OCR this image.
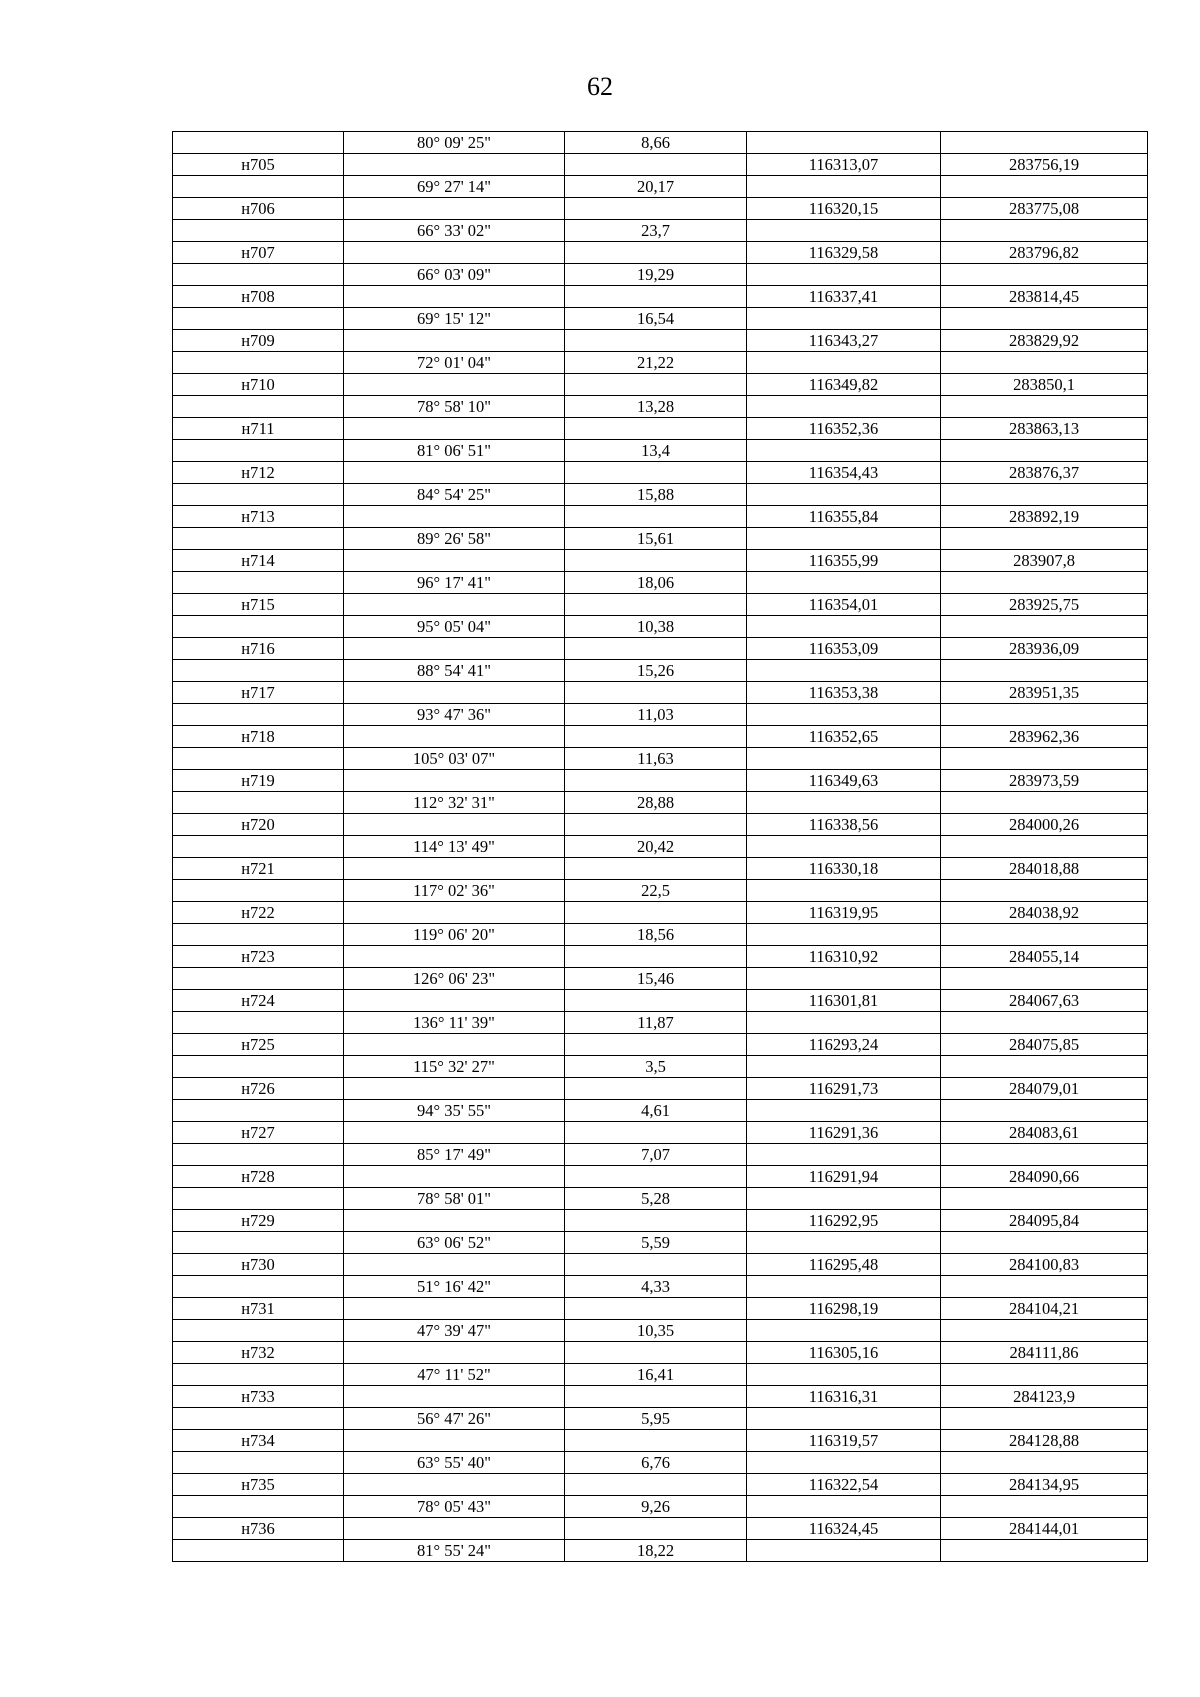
62
	80° 09' 25"	8,66		
н705			116313,07	283756,19
	69° 27' 14"	20,17		
н706			116320,15	283775,08
	66° 33' 02"	23,7		
н707			116329,58	283796,82
	66° 03' 09"	19,29		
н708			116337,41	283814,45
	69° 15' 12"	16,54		
н709			116343,27	283829,92
	72° 01' 04"	21,22		
н710			116349,82	283850,1
	78° 58' 10"	13,28		
н711			116352,36	283863,13
	81° 06' 51"	13,4		
н712			116354,43	283876,37
	84° 54' 25"	15,88		
н713			116355,84	283892,19
	89° 26' 58"	15,61		
н714			116355,99	283907,8
	96° 17' 41"	18,06		
н715			116354,01	283925,75
	95° 05' 04"	10,38		
н716			116353,09	283936,09
	88° 54' 41"	15,26		
н717			116353,38	283951,35
	93° 47' 36"	11,03		
н718			116352,65	283962,36
	105° 03' 07"	11,63		
н719			116349,63	283973,59
	112° 32' 31"	28,88		
н720			116338,56	284000,26
	114° 13' 49"	20,42		
н721			116330,18	284018,88
	117° 02' 36"	22,5		
н722			116319,95	284038,92
	119° 06' 20"	18,56		
н723			116310,92	284055,14
	126° 06' 23"	15,46		
н724			116301,81	284067,63
	136° 11' 39"	11,87		
н725			116293,24	284075,85
	115° 32' 27"	3,5		
н726			116291,73	284079,01
	94° 35' 55"	4,61		
н727			116291,36	284083,61
	85° 17' 49"	7,07		
н728			116291,94	284090,66
	78° 58' 01"	5,28		
н729			116292,95	284095,84
	63° 06' 52"	5,59		
н730			116295,48	284100,83
	51° 16' 42"	4,33		
н731			116298,19	284104,21
	47° 39' 47"	10,35		
н732			116305,16	284111,86
	47° 11' 52"	16,41		
н733			116316,31	284123,9
	56° 47' 26"	5,95		
н734			116319,57	284128,88
	63° 55' 40"	6,76		
н735			116322,54	284134,95
	78° 05' 43"	9,26		
н736			116324,45	284144,01
	81° 55' 24"	18,22		
